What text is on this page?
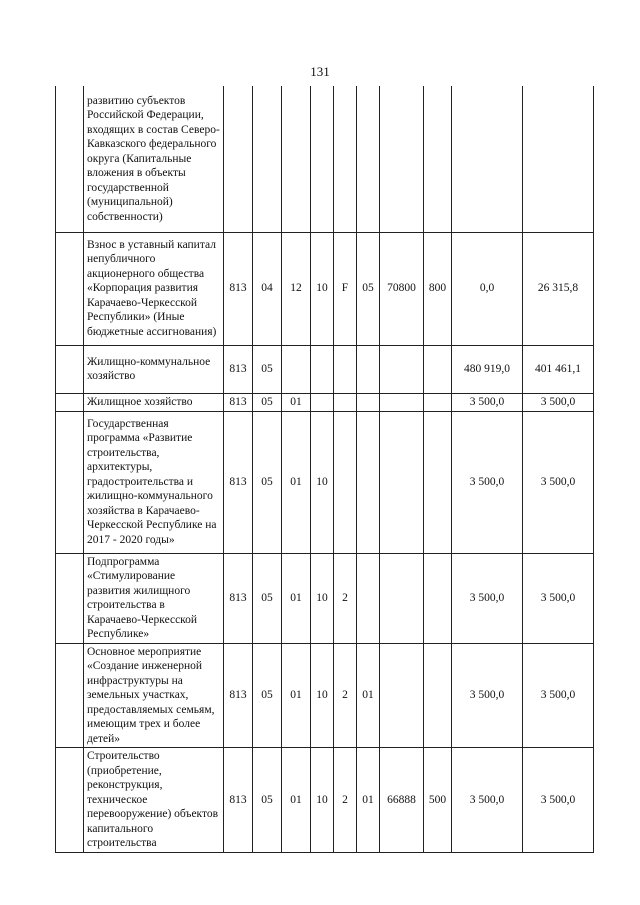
131
	развитию субъектов Российской Федерации, входящих в состав Северо-Кавказского федерального округа (Капитальные вложения в объекты государственной (муниципальной) собственности)										
	Взнос в уставный капитал непубличного акционерного общества «Корпорация развития Карачаево-Черкесской Республики» (Иные бюджетные ассигнования)	813	04	12	10	F	05	70800	800	0,0	26 315,8
	Жилищно-коммунальное хозяйство	813	05							480 919,0	401 461,1
	Жилищное хозяйство	813	05	01						3 500,0	3 500,0
	Государственная программа «Развитие строительства, архитектуры, градостроительства и жилищно-коммунального хозяйства в Карачаево-Черкесской Республике на 2017 - 2020 годы»	813	05	01	10					3 500,0	3 500,0
	Подпрограмма «Стимулирование развития жилищного строительства в Карачаево-Черкесской Республике»	813	05	01	10	2				3 500,0	3 500,0
	Основное мероприятие «Создание инженерной инфраструктуры на земельных участках, предоставляемых семьям, имеющим трех и более детей»	813	05	01	10	2	01			3 500,0	3 500,0
	Строительство (приобретение, реконструкция, техническое перевооружение) объектов капитального строительства	813	05	01	10	2	01	66888	500	3 500,0	3 500,0
